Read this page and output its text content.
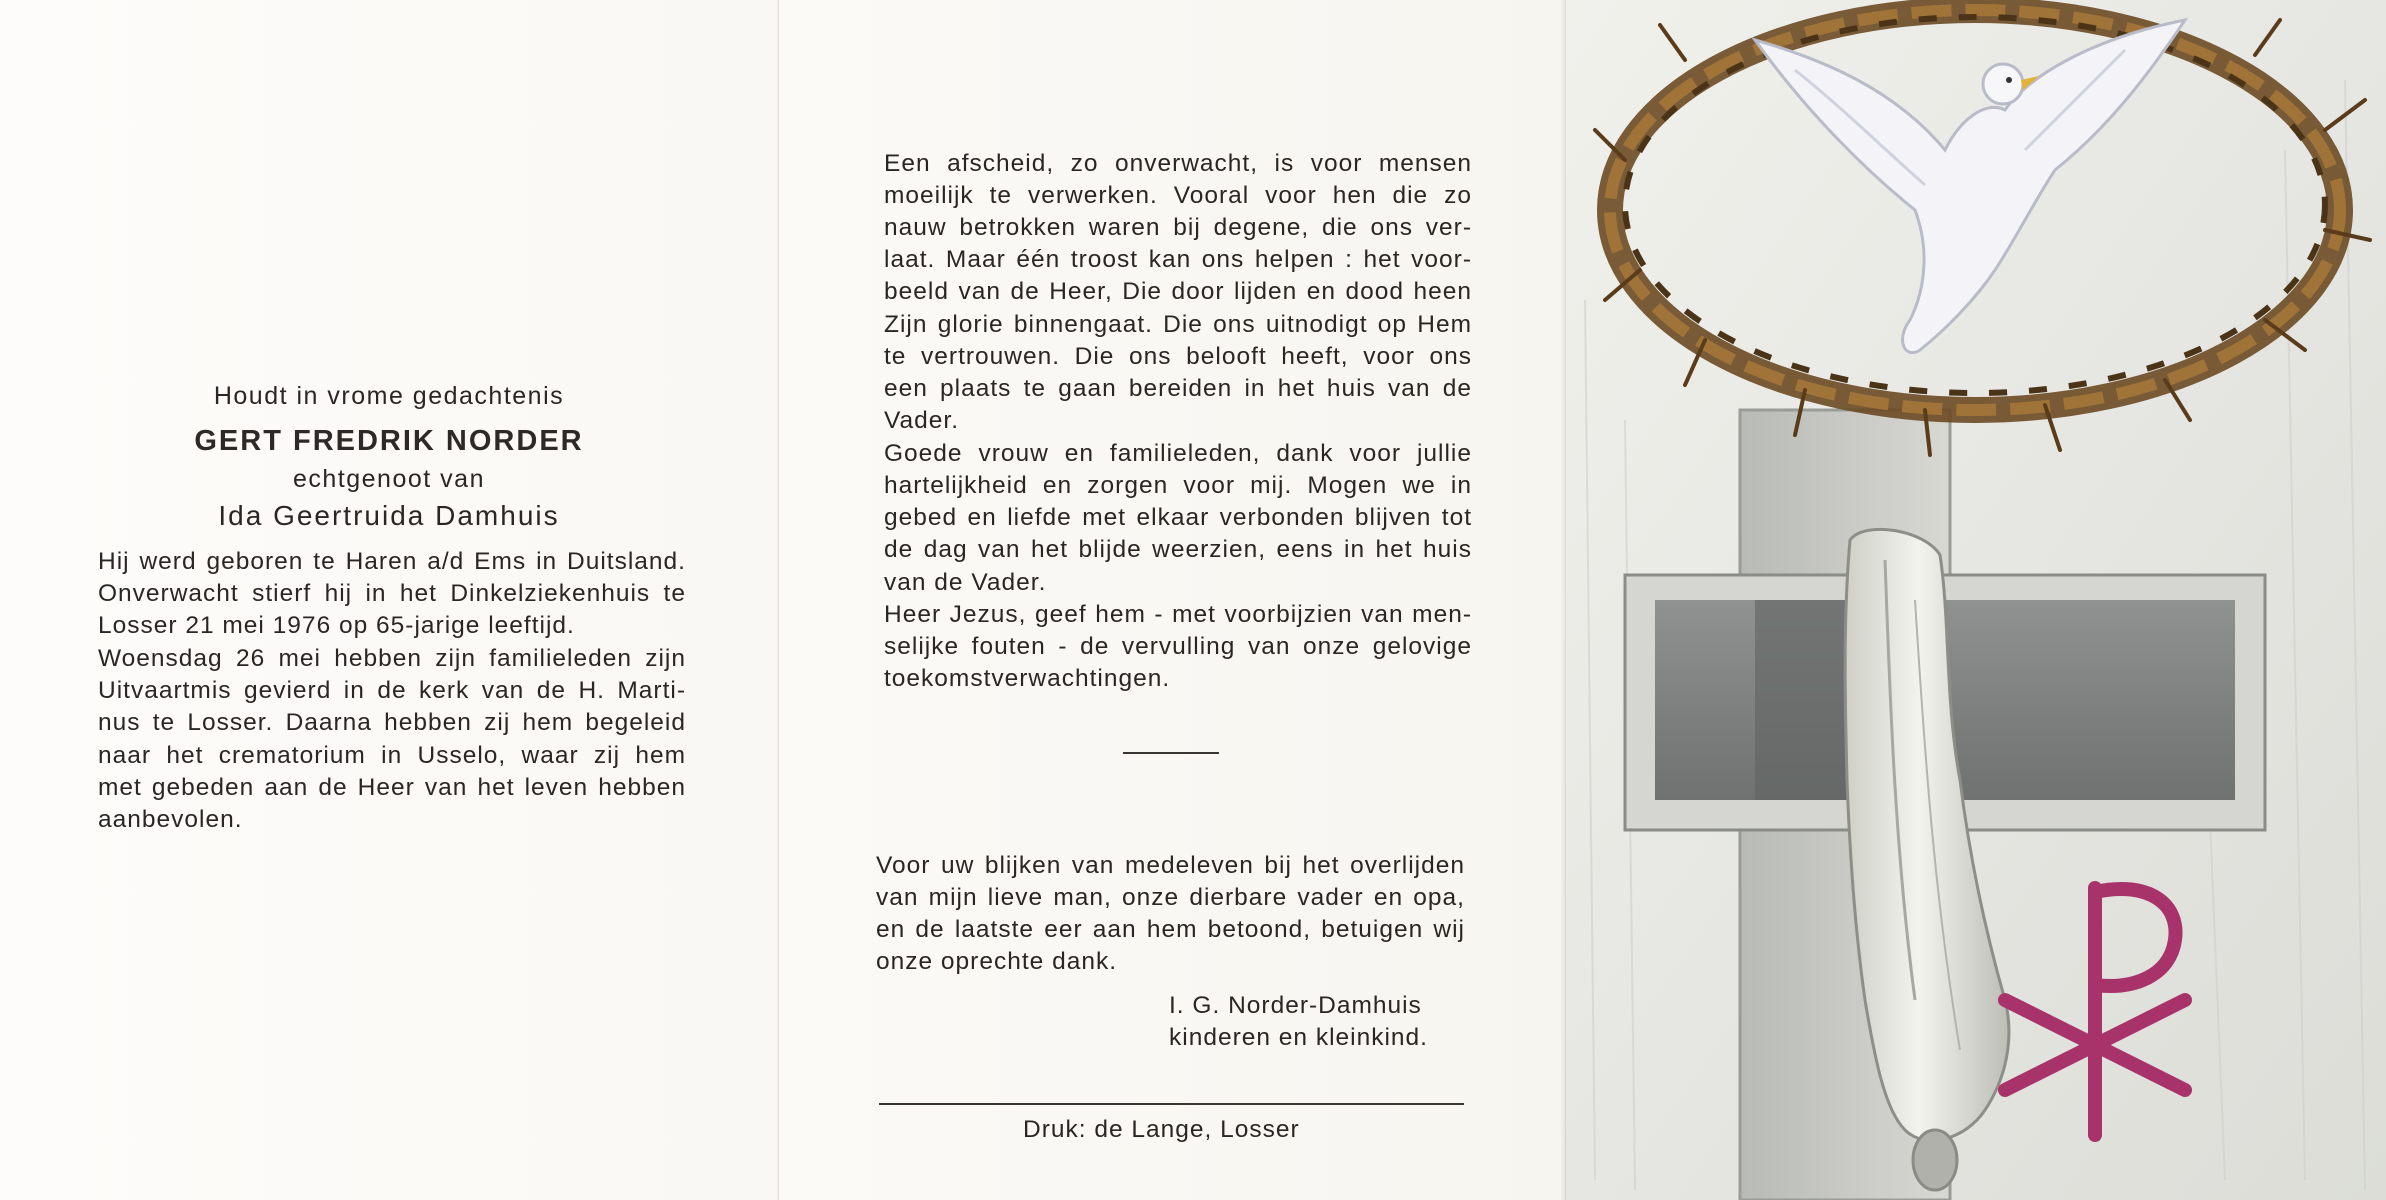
Houdt in vrome gedachtenis
GERT FREDRIK NORDER
echtgenoot van
Ida Geertruida Damhuis
Hij werd geboren te Haren a/d Ems in Duitsland.
Onverwacht stierf hij in het Dinkelziekenhuis te
Losser 21 mei 1976 op 65-jarige leeftijd.
Woensdag 26 mei hebben zijn familieleden zijn
Uitvaartmis gevierd in de kerk van de H. Marti-
nus te Losser. Daarna hebben zij hem begeleid
naar het crematorium in Usselo, waar zij hem
met gebeden aan de Heer van het leven hebben
aanbevolen.
Een afscheid, zo onverwacht, is voor mensen
moeilijk te verwerken. Vooral voor hen die zo
nauw betrokken waren bij degene, die ons ver-
laat. Maar één troost kan ons helpen : het voor-
beeld van de Heer, Die door lijden en dood heen
Zijn glorie binnengaat. Die ons uitnodigt op Hem
te vertrouwen. Die ons belooft heeft, voor ons
een plaats te gaan bereiden in het huis van de
Vader.
Goede vrouw en familieleden, dank voor jullie
hartelijkheid en zorgen voor mij. Mogen we in
gebed en liefde met elkaar verbonden blijven tot
de dag van het blijde weerzien, eens in het huis
van de Vader.
Heer Jezus, geef hem - met voorbijzien van men-
selijke fouten - de vervulling van onze gelovige
toekomstverwachtingen.
Voor uw blijken van medeleven bij het overlijden
van mijn lieve man, onze dierbare vader en opa,
en de laatste eer aan hem betoond, betuigen wij
onze oprechte dank.
I. G. Norder-Damhuis
kinderen en kleinkind.
Druk: de Lange, Losser
